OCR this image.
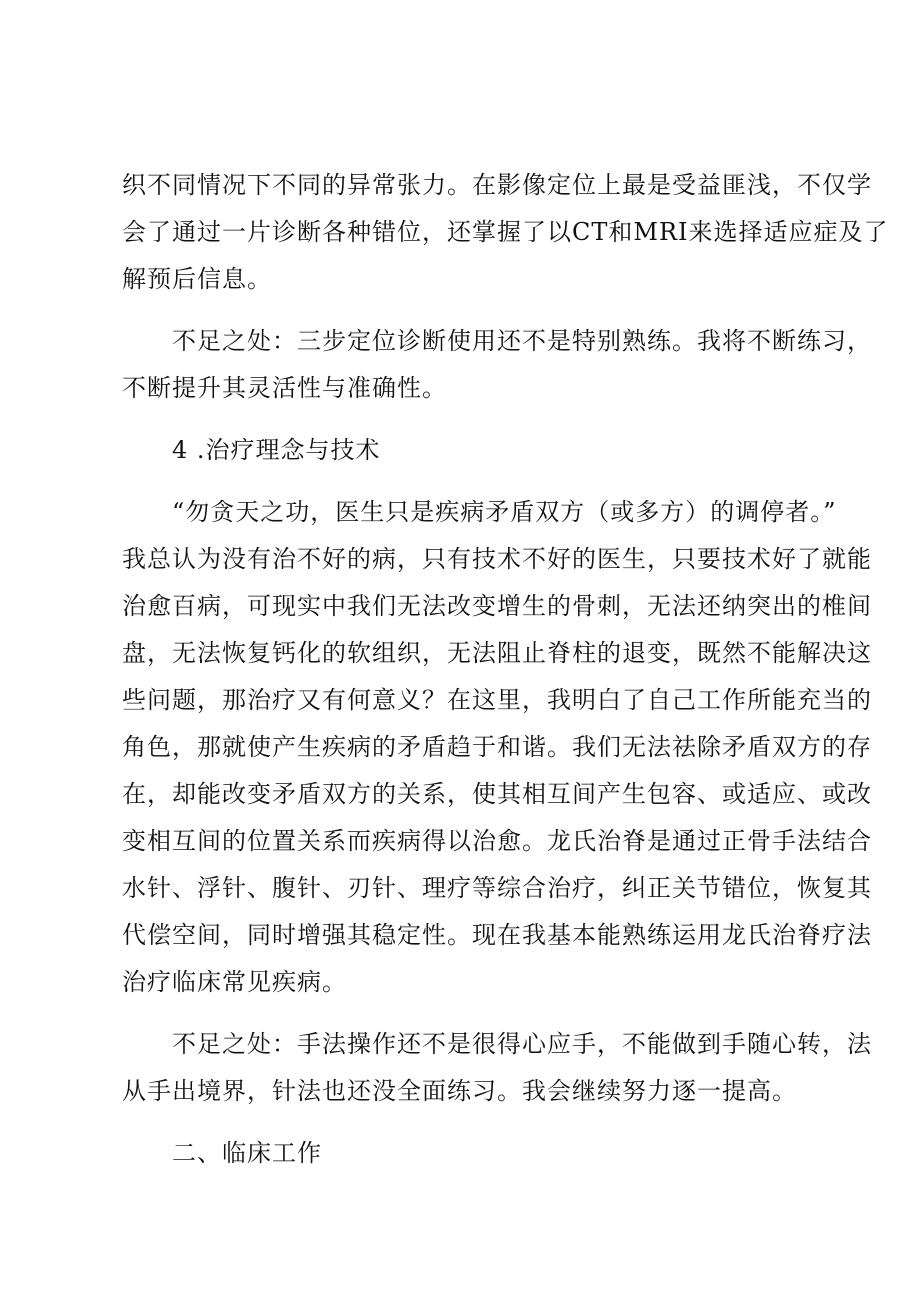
织不同情况下不同的异常张力。在影像定位上最是受益匪浅，不仅学
会了通过一片诊断各种错位，还掌握了以CT和MRI来选择适应症及了
解预后信息。
不足之处：三步定位诊断使用还不是特别熟练。我将不断练习，
不断提升其灵活性与准确性。
4 .治疗理念与技术
“勿贪天之功，医生只是疾病矛盾双方（或多方）的调停者。”
我总认为没有治不好的病，只有技术不好的医生，只要技术好了就能
治愈百病，可现实中我们无法改变增生的骨刺，无法还纳突出的椎间
盘，无法恢复钙化的软组织，无法阻止脊柱的退变，既然不能解决这
些问题，那治疗又有何意义？在这里，我明白了自己工作所能充当的
角色，那就使产生疾病的矛盾趋于和谐。我们无法祛除矛盾双方的存
在，却能改变矛盾双方的关系，使其相互间产生包容、或适应、或改
变相互间的位置关系而疾病得以治愈。龙氏治脊是通过正骨手法结合
水针、浮针、腹针、刃针、理疗等综合治疗，纠正关节错位，恢复其
代偿空间，同时增强其稳定性。现在我基本能熟练运用龙氏治脊疗法
治疗临床常见疾病。
不足之处：手法操作还不是很得心应手，不能做到手随心转，法
从手出境界，针法也还没全面练习。我会继续努力逐一提高。
二、临床工作
